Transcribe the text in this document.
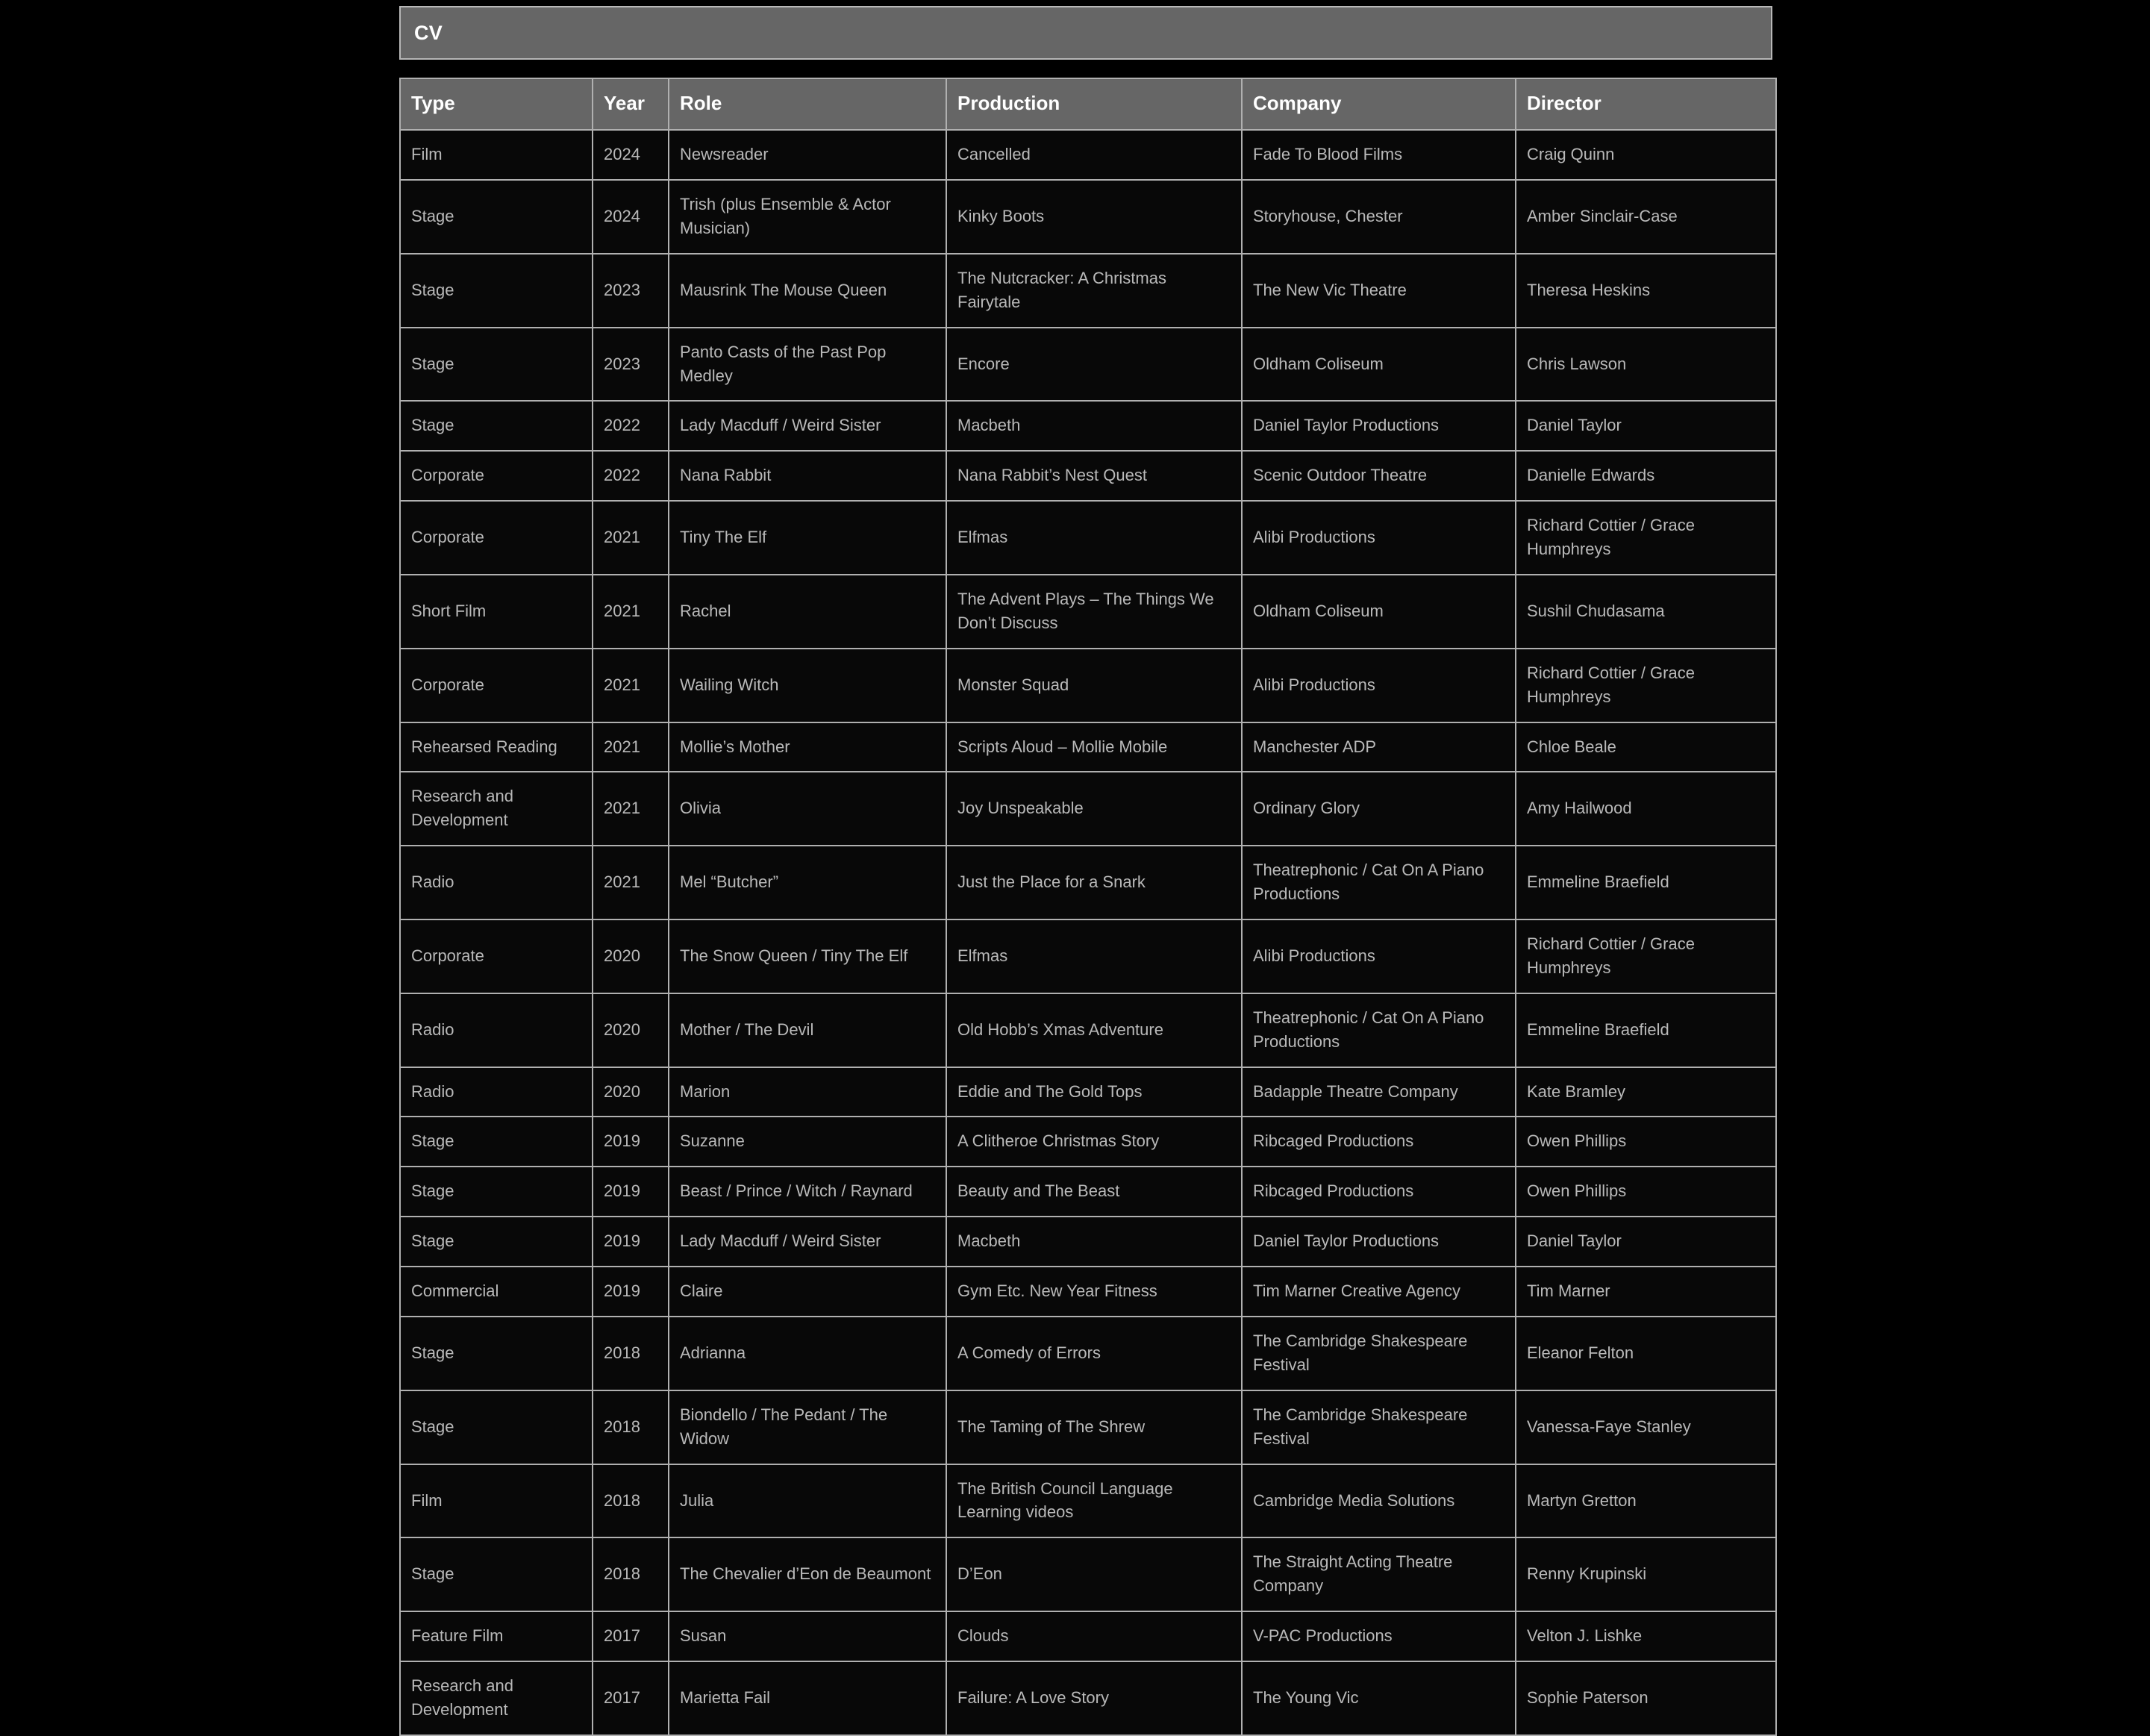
CV
Type	Year	Role	Production	Company	Director
Film	2024	Newsreader	Cancelled	Fade To Blood Films	Craig Quinn
Stage	2024	Trish (plus Ensemble & Actor Musician)	Kinky Boots	Storyhouse, Chester	Amber Sinclair-Case
Stage	2023	Mausrink The Mouse Queen	The Nutcracker: A Christmas Fairytale	The New Vic Theatre	Theresa Heskins
Stage	2023	Panto Casts of the Past Pop Medley	Encore	Oldham Coliseum	Chris Lawson
Stage	2022	Lady Macduff / Weird Sister	Macbeth	Daniel Taylor Productions	Daniel Taylor
Corporate	2022	Nana Rabbit	Nana Rabbit’s Nest Quest	Scenic Outdoor Theatre	Danielle Edwards
Corporate	2021	Tiny The Elf	Elfmas	Alibi Productions	Richard Cottier / Grace Humphreys
Short Film	2021	Rachel	The Advent Plays – The Things We Don’t Discuss	Oldham Coliseum	Sushil Chudasama
Corporate	2021	Wailing Witch	Monster Squad	Alibi Productions	Richard Cottier / Grace Humphreys
Rehearsed Reading	2021	Mollie’s Mother	Scripts Aloud – Mollie Mobile	Manchester ADP	Chloe Beale
Research and Development	2021	Olivia	Joy Unspeakable	Ordinary Glory	Amy Hailwood
Radio	2021	Mel “Butcher”	Just the Place for a Snark	Theatrephonic / Cat On A Piano Productions	Emmeline Braefield
Corporate	2020	The Snow Queen / Tiny The Elf	Elfmas	Alibi Productions	Richard Cottier / Grace Humphreys
Radio	2020	Mother / The Devil	Old Hobb’s Xmas Adventure	Theatrephonic / Cat On A Piano Productions	Emmeline Braefield
Radio	2020	Marion	Eddie and The Gold Tops	Badapple Theatre Company	Kate Bramley
Stage	2019	Suzanne	A Clitheroe Christmas Story	Ribcaged Productions	Owen Phillips
Stage	2019	Beast / Prince / Witch / Raynard	Beauty and The Beast	Ribcaged Productions	Owen Phillips
Stage	2019	Lady Macduff / Weird Sister	Macbeth	Daniel Taylor Productions	Daniel Taylor
Commercial	2019	Claire	Gym Etc. New Year Fitness	Tim Marner Creative Agency	Tim Marner
Stage	2018	Adrianna	A Comedy of Errors	The Cambridge Shakespeare Festival	Eleanor Felton
Stage	2018	Biondello / The Pedant / The Widow	The Taming of The Shrew	The Cambridge Shakespeare Festival	Vanessa-Faye Stanley
Film	2018	Julia	The British Council Language Learning videos	Cambridge Media Solutions	Martyn Gretton
Stage	2018	The Chevalier d’Eon de Beaumont	D’Eon	The Straight Acting Theatre Company	Renny Krupinski
Feature Film	2017	Susan	Clouds	V-PAC Productions	Velton J. Lishke
Research and Development	2017	Marietta Fail	Failure: A Love Story	The Young Vic	Sophie Paterson
